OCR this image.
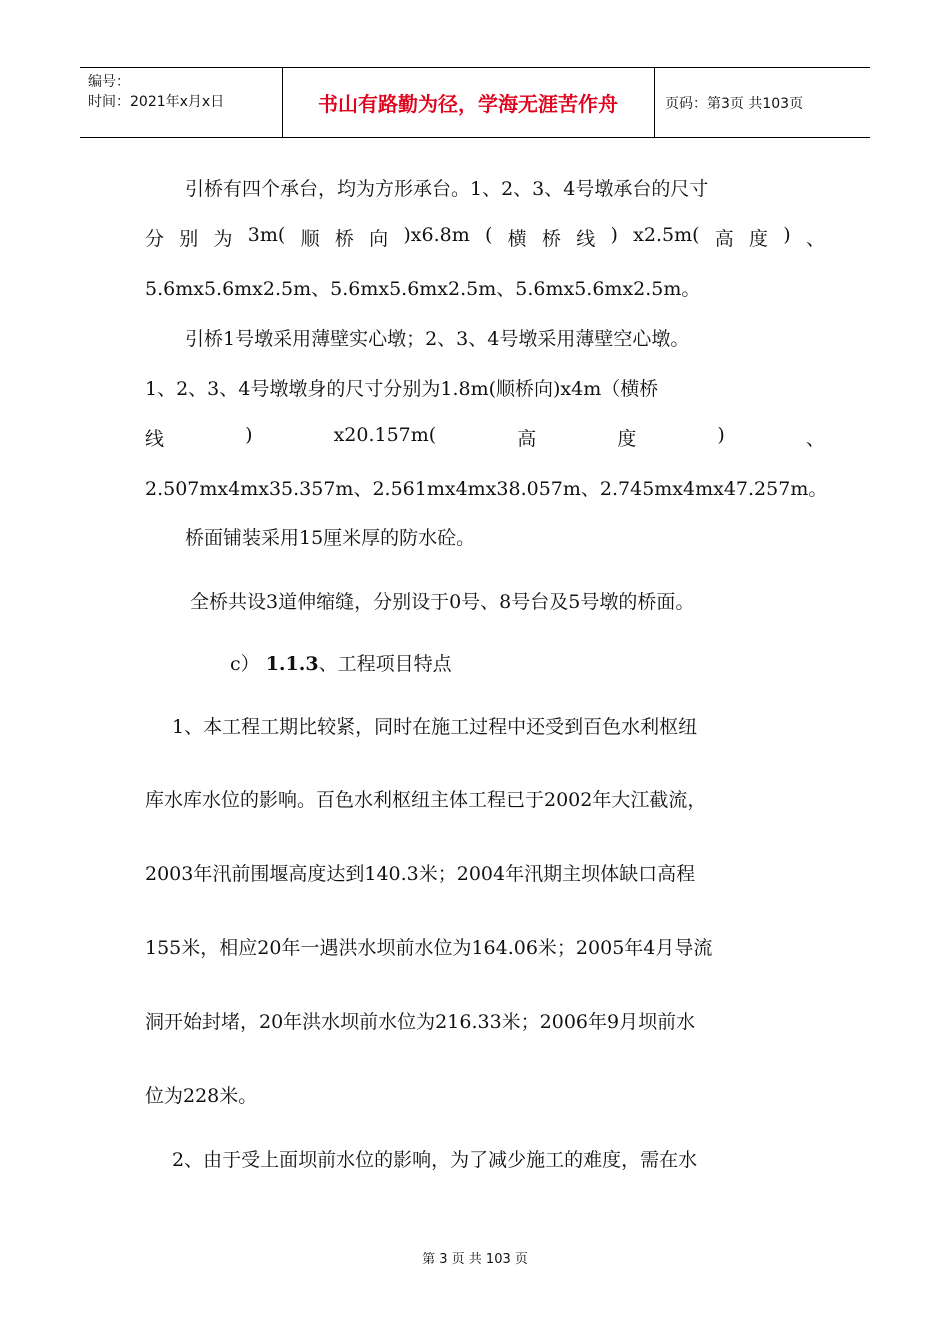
编号：
时间：2021年x月x日	书山有路勤为径，学海无涯苦作舟	页码：第3页 共103页
引桥有四个承台，均为方形承台。1、2、3、4号墩承台的尺寸
分 别 为 3m( 顺 桥 向 )x6.8m ( 横 桥 线 ) x2.5m( 高 度 ) 、
5.6mx5.6mx2.5m、5.6mx5.6mx2.5m、5.6mx5.6mx2.5m。
引桥1号墩采用薄壁实心墩；2、3、4号墩采用薄壁空心墩。
1、2、3、4号墩墩身的尺寸分别为1.8m(顺桥向)x4m（横桥
线	)	x20.157m(	高	度	)	、
2.507mx4mx35.357m、2.561mx4mx38.057m、2.745mx4mx47.257m。
桥面铺装采用15厘米厚的防水砼。
全桥共设3道伸缩缝，分别设于0号、8号台及5号墩的桥面。
c） 1.1.3、工程项目特点
1、本工程工期比较紧，同时在施工过程中还受到百色水利枢纽
库水库水位的影响。百色水利枢纽主体工程已于2002年大江截流，
2003年汛前围堰高度达到140.3米；2004年汛期主坝体缺口高程
155米，相应20年一遇洪水坝前水位为164.06米；2005年4月导流
洞开始封堵，20年洪水坝前水位为216.33米；2006年9月坝前水
位为228米。
2、由于受上面坝前水位的影响，为了减少施工的难度，需在水
第 3 页 共 103 页
